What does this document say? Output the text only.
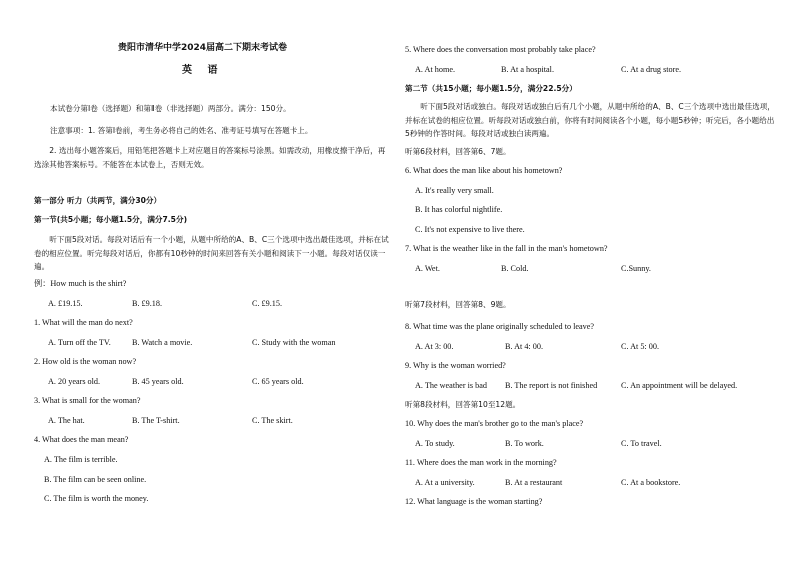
贵阳市清华中学2024届高二下期末考试卷
英 语
本试卷分第Ⅰ卷（选择题）和第Ⅱ卷（非选择题）两部分。满分：150分。
注意事项：1. 答第Ⅰ卷前，考生务必将自己的姓名、准考证号填写在答题卡上。
2. 选出每小题答案后，用铅笔把答题卡上对应题目的答案标号涂黑。如需改动，用橡皮擦干净后，再选涂其他答案标号。不能答在本试卷上，否则无效。
第一部分 听力（共两节，满分30分）
第一节(共5小题；每小题1.5分，满分7.5分)
听下面5段对话。每段对话后有一个小题，从题中所给的A、B、C三个选项中选出最佳选项，并标在试卷的相应位置。听完每段对话后，你都有10秒钟的时间来回答有关小题和阅读下一小题。每段对话仅读一遍。
例：How much is the shirt?
A. £19.15.	B. £9.18.	C. £9.15.
1. What will the man do next?
A. Turn off the TV.	B. Watch a movie.	C. Study with the woman
2. How old is the woman now?
A. 20 years old.	B. 45 years old.	C. 65 years old.
3. What is small for the woman?
A. The hat.	B. The T-shirt.	C. The skirt.
4. What does the man mean?
A. The film is terrible.
B. The film can be seen online.
C. The film is worth the money.
5. Where does the conversation most probably take place?
A. At home.	B. At a hospital.	C. At a drug store.
第二节（共15小题；每小题1.5分，满分22.5分）
听下面5段对话或独白。每段对话或独白后有几个小题，从题中所给的A、B、C三个选项中选出最佳选项，并标在试卷的相应位置。听每段对话或独白前，你将有时间阅读各个小题，每小题5秒钟；听完后，各小题给出5秒钟的作答时间。每段对话或独白读两遍。
听第6段材料，回答第6、7题。
6. What does the man like about his hometown?
A. It's really very small.
B. It has colorful nightlife.
C. It's not expensive to live there.
7. What is the weather like in the fall in the man's hometown?
A. Wet.	B. Cold.	C.Sunny.
听第7段材料，回答第8、9题。
8. What time was the plane originally scheduled to leave?
A. At 3: 00.	B. At 4: 00.	C. At 5: 00.
9. Why is the woman worried?
A. The weather is bad B. The report is not finished	C. An appointment will be delayed.
听第8段材料，回答第10至12题。
10. Why does the man's brother go to the man's place?
A. To study.	B. To work.	C. To travel.
11. Where does the man work in the morning?
A. At a university.	B. At a restaurant	C. At a bookstore.
12. What language is the woman starting?
